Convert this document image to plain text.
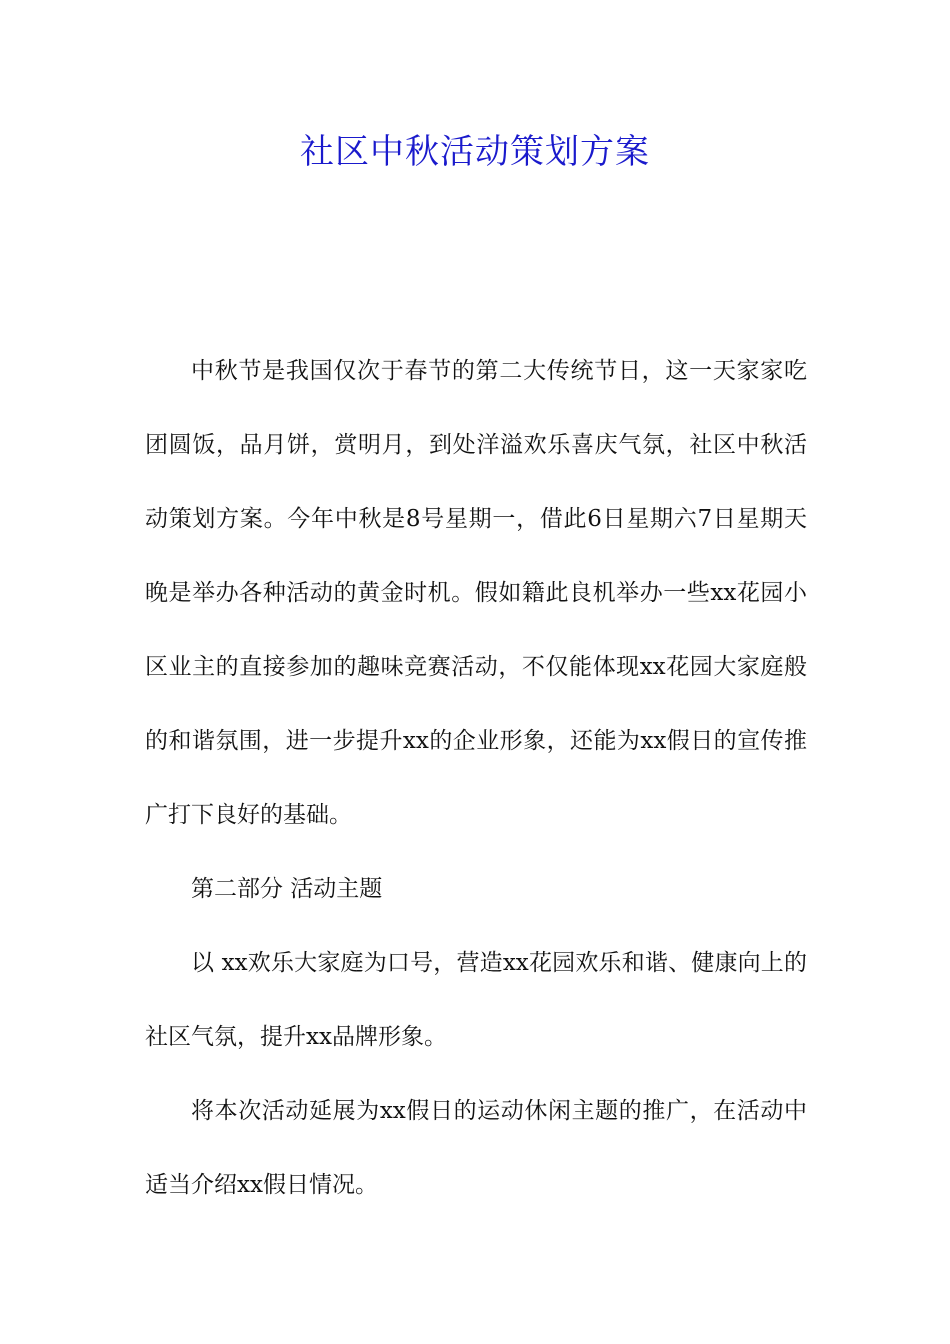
社区中秋活动策划方案

中秋节是我国仅次于春节的第二大传统节日，这一天家家吃团圆饭，品月饼，赏明月，到处洋溢欢乐喜庆气氛，社区中秋活动策划方案。今年中秋是8号星期一，借此6日星期六7日星期天晚是举办各种活动的黄金时机。假如籍此良机举办一些xx花园小区业主的直接参加的趣味竞赛活动，不仅能体现xx花园大家庭般的和谐氛围，进一步提升xx的企业形象，还能为xx假日的宣传推广打下良好的基础。

第二部分 活动主题

以 xx欢乐大家庭为口号，营造xx花园欢乐和谐、健康向上的社区气氛，提升xx品牌形象。

将本次活动延展为xx假日的运动休闲主题的推广，在活动中适当介绍xx假日情况。
